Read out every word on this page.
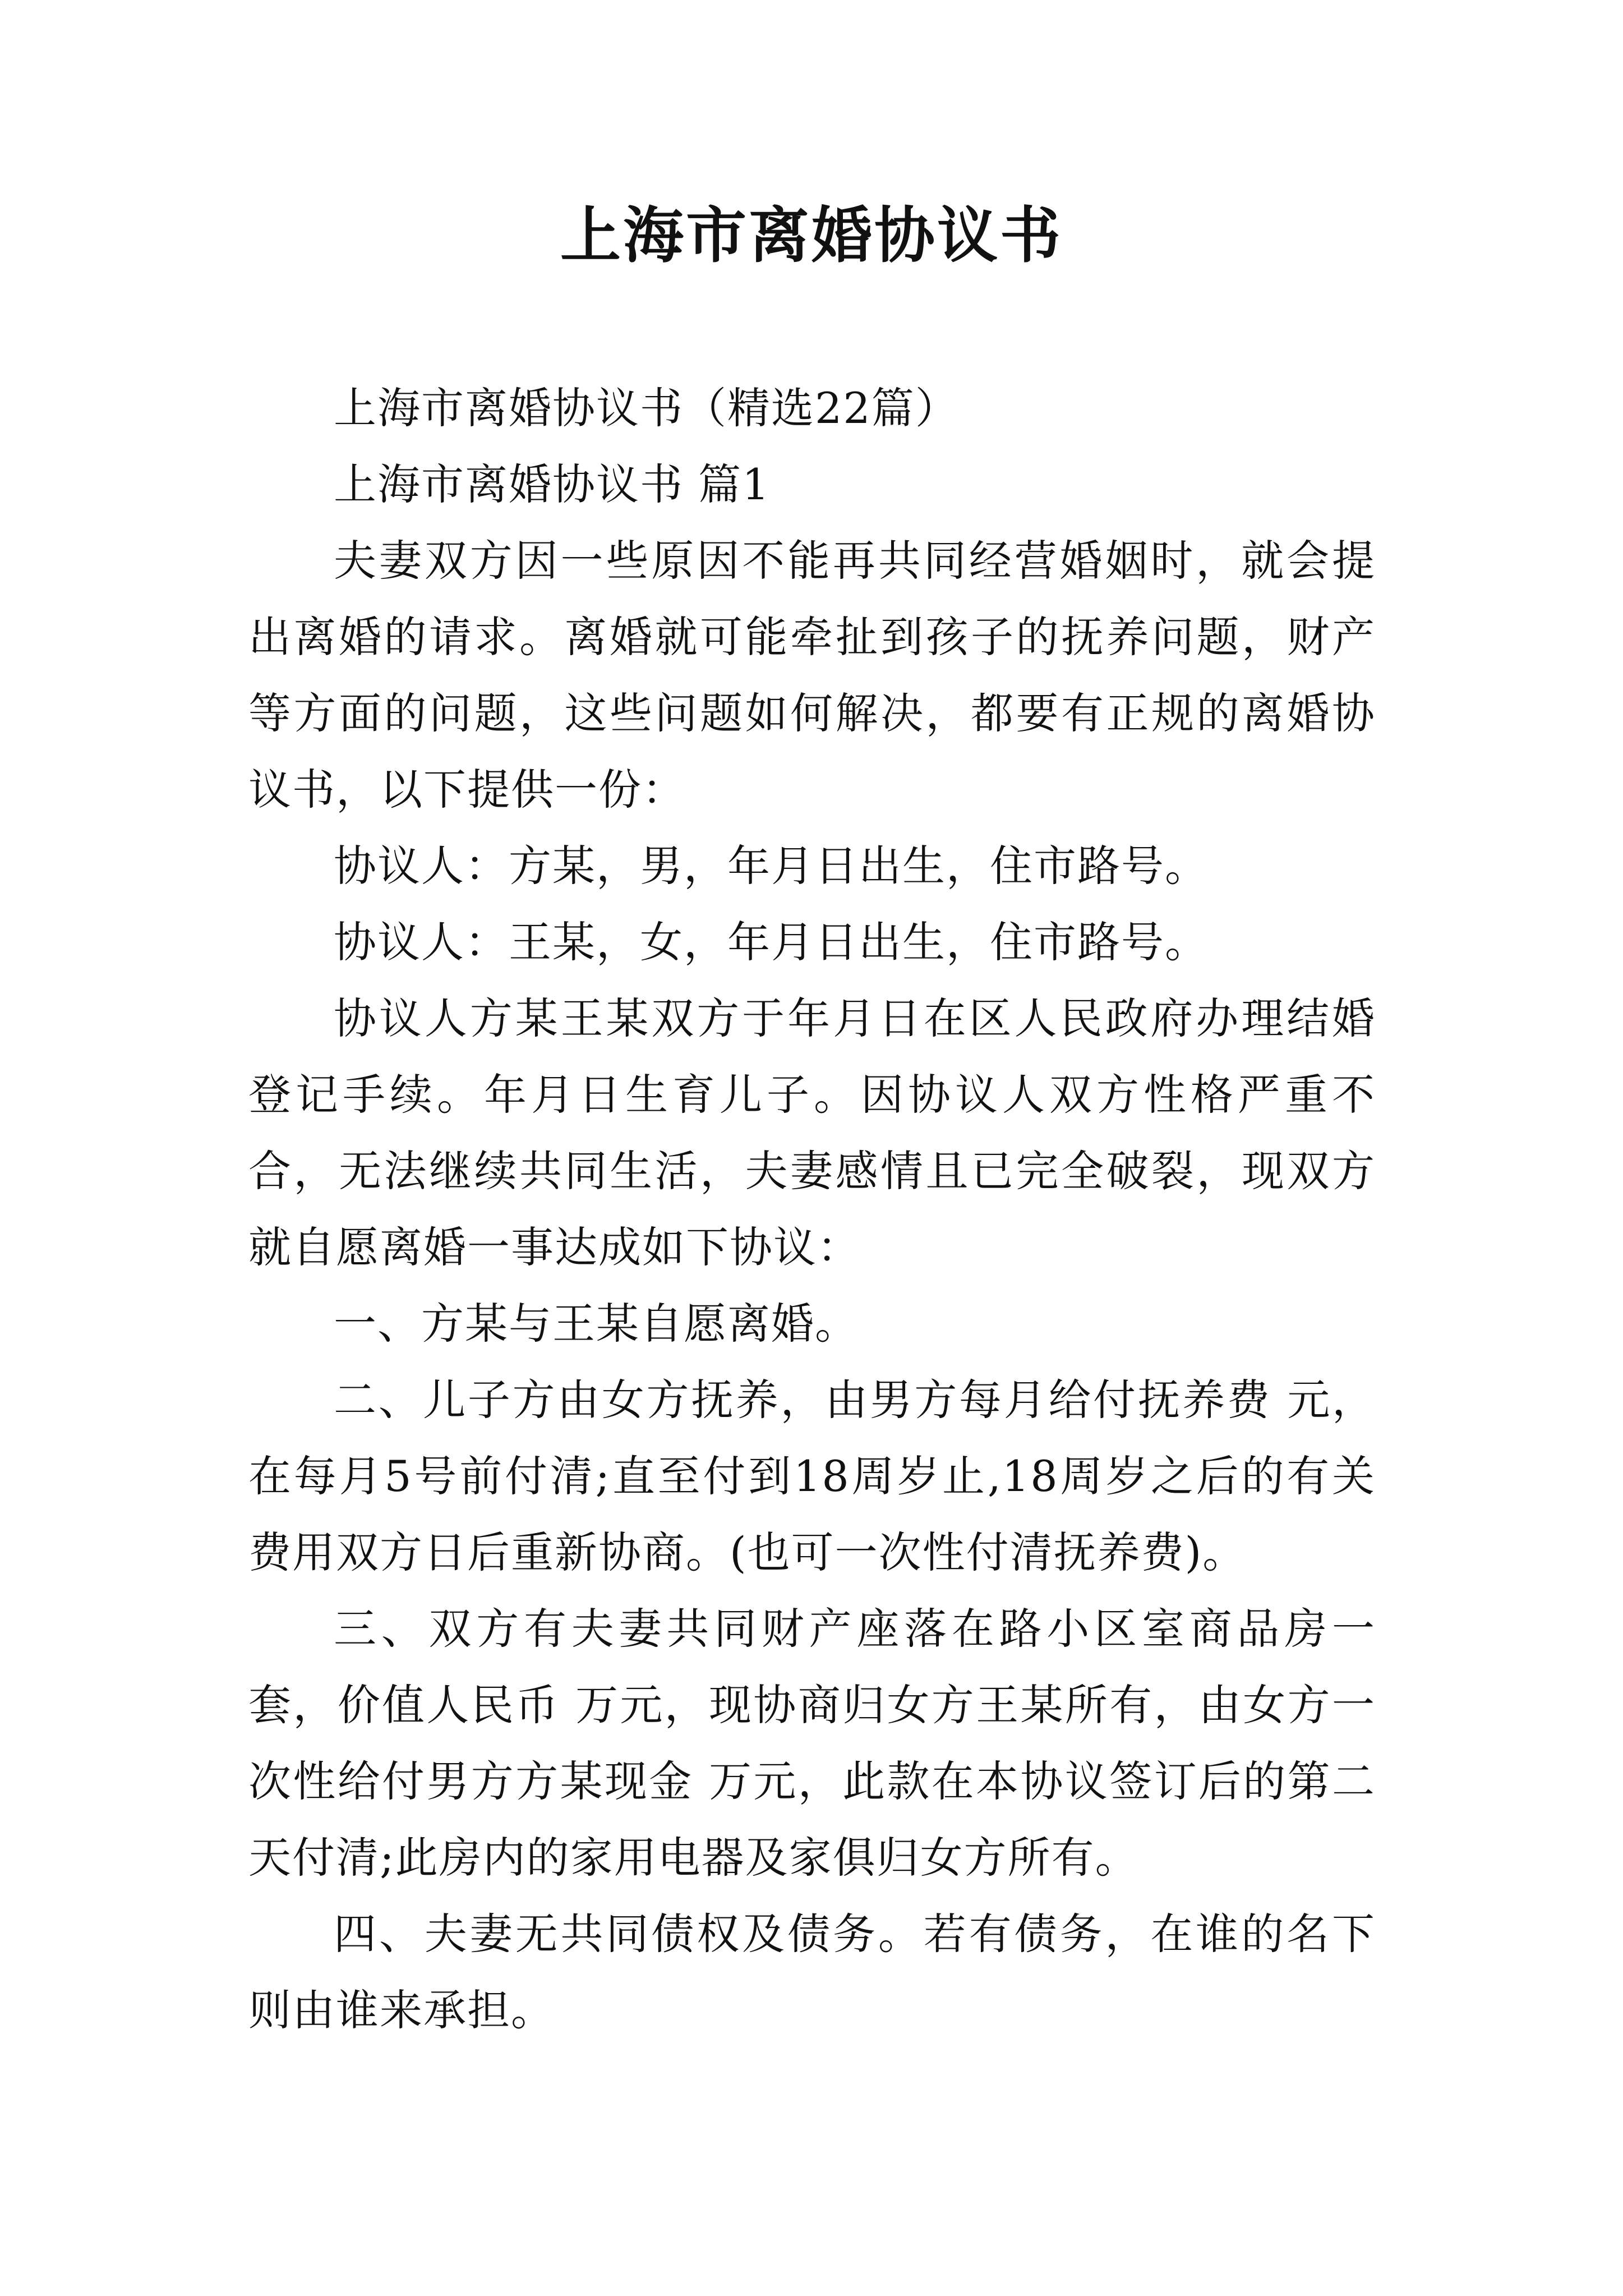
上海市离婚协议书

上海市离婚协议书（精选22篇）

上海市离婚协议书 篇1

夫妻双方因一些原因不能再共同经营婚姻时，就会提出离婚的请求。离婚就可能牵扯到孩子的抚养问题，财产等方面的问题，这些问题如何解决，都要有正规的离婚协议书，以下提供一份：

协议人：方某，男，年月日出生，住市路号。

协议人：王某，女，年月日出生，住市路号。

协议人方某王某双方于年月日在区人民政府办理结婚登记手续。年月日生育儿子。因协议人双方性格严重不合，无法继续共同生活，夫妻感情且已完全破裂，现双方就自愿离婚一事达成如下协议：

一、方某与王某自愿离婚。

二、儿子方由女方抚养，由男方每月给付抚养费 元，在每月5号前付清;直至付到18周岁止,18周岁之后的有关费用双方日后重新协商。(也可一次性付清抚养费)。

三、双方有夫妻共同财产座落在路小区室商品房一套，价值人民币 万元，现协商归女方王某所有，由女方一次性给付男方方某现金 万元，此款在本协议签订后的第二天付清;此房内的家用电器及家俱归女方所有。

四、夫妻无共同债权及债务。若有债务，在谁的名下则由谁来承担。
